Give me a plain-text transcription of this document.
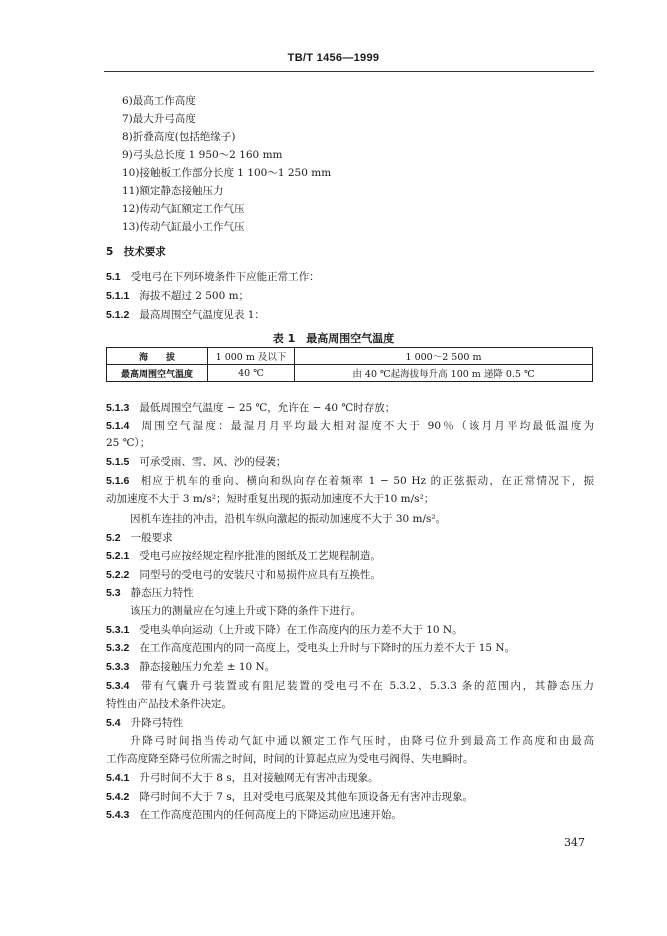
TB/T 1456—1999
6)最高工作高度
7)最大升弓高度
8)折叠高度(包括绝缘子)
9)弓头总长度 1 950～2 160 mm
10)接触板工作部分长度 1 100～1 250 mm
11)额定静态接触压力
12)传动气缸额定工作气压
13)传动气缸最小工作气压
5　技术要求
5.1 受电弓在下列环境条件下应能正常工作：
5.1.1 海拔不超过 2 500 m；
5.1.2 最高周围空气温度见表 1：
表 1　最高周围空气温度
海　　拔	1 000 m 及以下	1 000～2 500 m
最高周围空气温度	40 ℃	由 40 ℃起海拔每升高 100 m 递降 0.5 ℃
5.1.3 最低周围空气温度 − 25 ℃，允许在 − 40 ℃时存放；
5.1.4 周围空气湿度：最湿月月平均最大相对湿度不大于 90％（该月月平均最低温度为
25 ℃）；
5.1.5 可承受雨、雪、风、沙的侵袭；
5.1.6 相应于机车的垂向、横向和纵向存在着频率 1 − 50 Hz 的正弦振动，在正常情况下，振
动加速度不大于 3 m/s²；短时重复出现的振动加速度不大于10 m/s²；
因机车连挂的冲击，沿机车纵向激起的振动加速度不大于 30 m/s²。
5.2 一般要求
5.2.1 受电弓应按经规定程序批准的图纸及工艺规程制造。
5.2.2 同型号的受电弓的安装尺寸和易损件应具有互换性。
5.3 静态压力特性
该压力的测量应在匀速上升或下降的条件下进行。
5.3.1 受电头单向运动（上升或下降）在工作高度内的压力差不大于 10 N。
5.3.2 在工作高度范围内的同一高度上，受电头上升时与下降时的压力差不大于 15 N。
5.3.3 静态接触压力允差 ± 10 N。
5.3.4 带有气囊升弓装置或有阻尼装置的受电弓不在 5.3.2、5.3.3 条的范围内，其静态压力
特性由产品技术条件决定。
5.4 升降弓特性
升降弓时间指当传动气缸中通以额定工作气压时，由降弓位升到最高工作高度和由最高
工作高度降至降弓位所需之时间，时间的计算起点应为受电弓阀得、失电瞬时。
5.4.1 升弓时间不大于 8 s，且对接触网无有害冲击现象。
5.4.2 降弓时间不大于 7 s，且对受电弓底架及其他车顶设备无有害冲击现象。
5.4.3 在工作高度范围内的任何高度上的下降运动应迅速开始。
347
